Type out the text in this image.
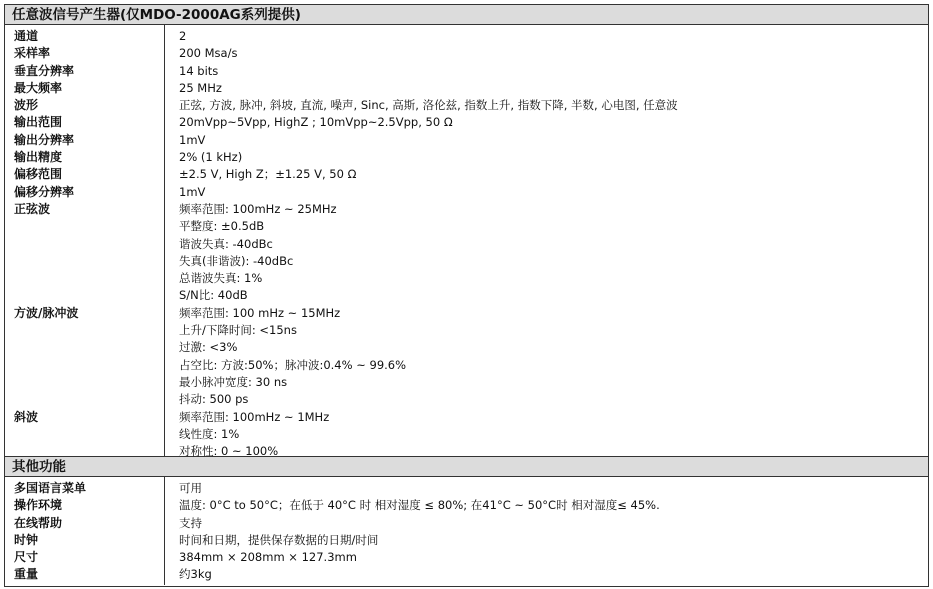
任意波信号产生器(仅MDO-2000AG系列提供)
通道	2
采样率	200 Msa/s
垂直分辨率	14 bits
最大频率	25 MHz
波形	正弦, 方波, 脉冲, 斜坡, 直流, 噪声, Sinc, 高斯, 洛伦兹, 指数上升, 指数下降, 半数, 心电图, 任意波
输出范围	20mVpp~5Vpp, HighZ ; 10mVpp~2.5Vpp, 50 Ω
输出分辨率	1mV
输出精度	2% (1 kHz)
偏移范围	±2.5 V, High Z；±1.25 V, 50 Ω
偏移分辨率	1mV
正弦波	频率范围: 100mHz ~ 25MHz
平整度: ±0.5dB
谐波失真: -40dBc
失真(非谐波): -40dBc
总谐波失真: 1%
S/N比: 40dB
方波/脉冲波	频率范围: 100 mHz ~ 15MHz
上升/下降时间: <15ns
过激: <3%
占空比: 方波:50%；脉冲波:0.4% ~ 99.6%
最小脉冲宽度: 30 ns
抖动: 500 ps
斜波	频率范围: 100mHz ~ 1MHz
线性度: 1%
对称性: 0 ~ 100%
其他功能
多国语言菜单	可用
操作环境	温度: 0°C to 50°C；在低于 40°C 时 相对湿度 ≤ 80%; 在41°C ~ 50°C时 相对湿度≤ 45%.
在线帮助	支持
时钟	时间和日期，提供保存数据的日期/时间
尺寸	384mm × 208mm × 127.3mm
重量	约3kg
